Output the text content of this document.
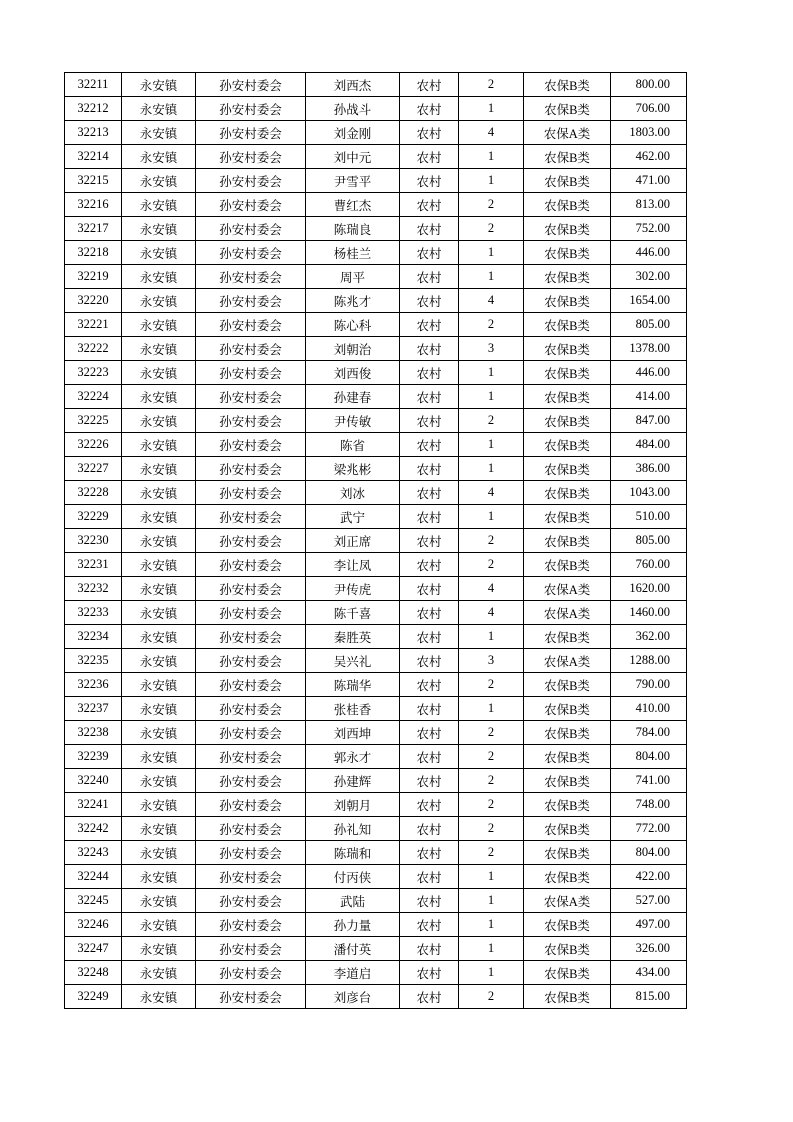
32211	永安镇	孙安村委会	刘西杰	农村	2	农保B类	800.00
32212	永安镇	孙安村委会	孙战斗	农村	1	农保B类	706.00
32213	永安镇	孙安村委会	刘金刚	农村	4	农保A类	1803.00
32214	永安镇	孙安村委会	刘中元	农村	1	农保B类	462.00
32215	永安镇	孙安村委会	尹雪平	农村	1	农保B类	471.00
32216	永安镇	孙安村委会	曹红杰	农村	2	农保B类	813.00
32217	永安镇	孙安村委会	陈瑞良	农村	2	农保B类	752.00
32218	永安镇	孙安村委会	杨桂兰	农村	1	农保B类	446.00
32219	永安镇	孙安村委会	周平	农村	1	农保B类	302.00
32220	永安镇	孙安村委会	陈兆才	农村	4	农保B类	1654.00
32221	永安镇	孙安村委会	陈心科	农村	2	农保B类	805.00
32222	永安镇	孙安村委会	刘朝治	农村	3	农保B类	1378.00
32223	永安镇	孙安村委会	刘西俊	农村	1	农保B类	446.00
32224	永安镇	孙安村委会	孙建春	农村	1	农保B类	414.00
32225	永安镇	孙安村委会	尹传敏	农村	2	农保B类	847.00
32226	永安镇	孙安村委会	陈省	农村	1	农保B类	484.00
32227	永安镇	孙安村委会	梁兆彬	农村	1	农保B类	386.00
32228	永安镇	孙安村委会	刘冰	农村	4	农保B类	1043.00
32229	永安镇	孙安村委会	武宁	农村	1	农保B类	510.00
32230	永安镇	孙安村委会	刘正席	农村	2	农保B类	805.00
32231	永安镇	孙安村委会	李让凤	农村	2	农保B类	760.00
32232	永安镇	孙安村委会	尹传虎	农村	4	农保A类	1620.00
32233	永安镇	孙安村委会	陈千喜	农村	4	农保A类	1460.00
32234	永安镇	孙安村委会	秦胜英	农村	1	农保B类	362.00
32235	永安镇	孙安村委会	吴兴礼	农村	3	农保A类	1288.00
32236	永安镇	孙安村委会	陈瑞华	农村	2	农保B类	790.00
32237	永安镇	孙安村委会	张桂香	农村	1	农保B类	410.00
32238	永安镇	孙安村委会	刘西坤	农村	2	农保B类	784.00
32239	永安镇	孙安村委会	郭永才	农村	2	农保B类	804.00
32240	永安镇	孙安村委会	孙建辉	农村	2	农保B类	741.00
32241	永安镇	孙安村委会	刘朝月	农村	2	农保B类	748.00
32242	永安镇	孙安村委会	孙礼知	农村	2	农保B类	772.00
32243	永安镇	孙安村委会	陈瑞和	农村	2	农保B类	804.00
32244	永安镇	孙安村委会	付丙侠	农村	1	农保B类	422.00
32245	永安镇	孙安村委会	武陆	农村	1	农保A类	527.00
32246	永安镇	孙安村委会	孙力量	农村	1	农保B类	497.00
32247	永安镇	孙安村委会	潘付英	农村	1	农保B类	326.00
32248	永安镇	孙安村委会	李道启	农村	1	农保B类	434.00
32249	永安镇	孙安村委会	刘彦台	农村	2	农保B类	815.00
